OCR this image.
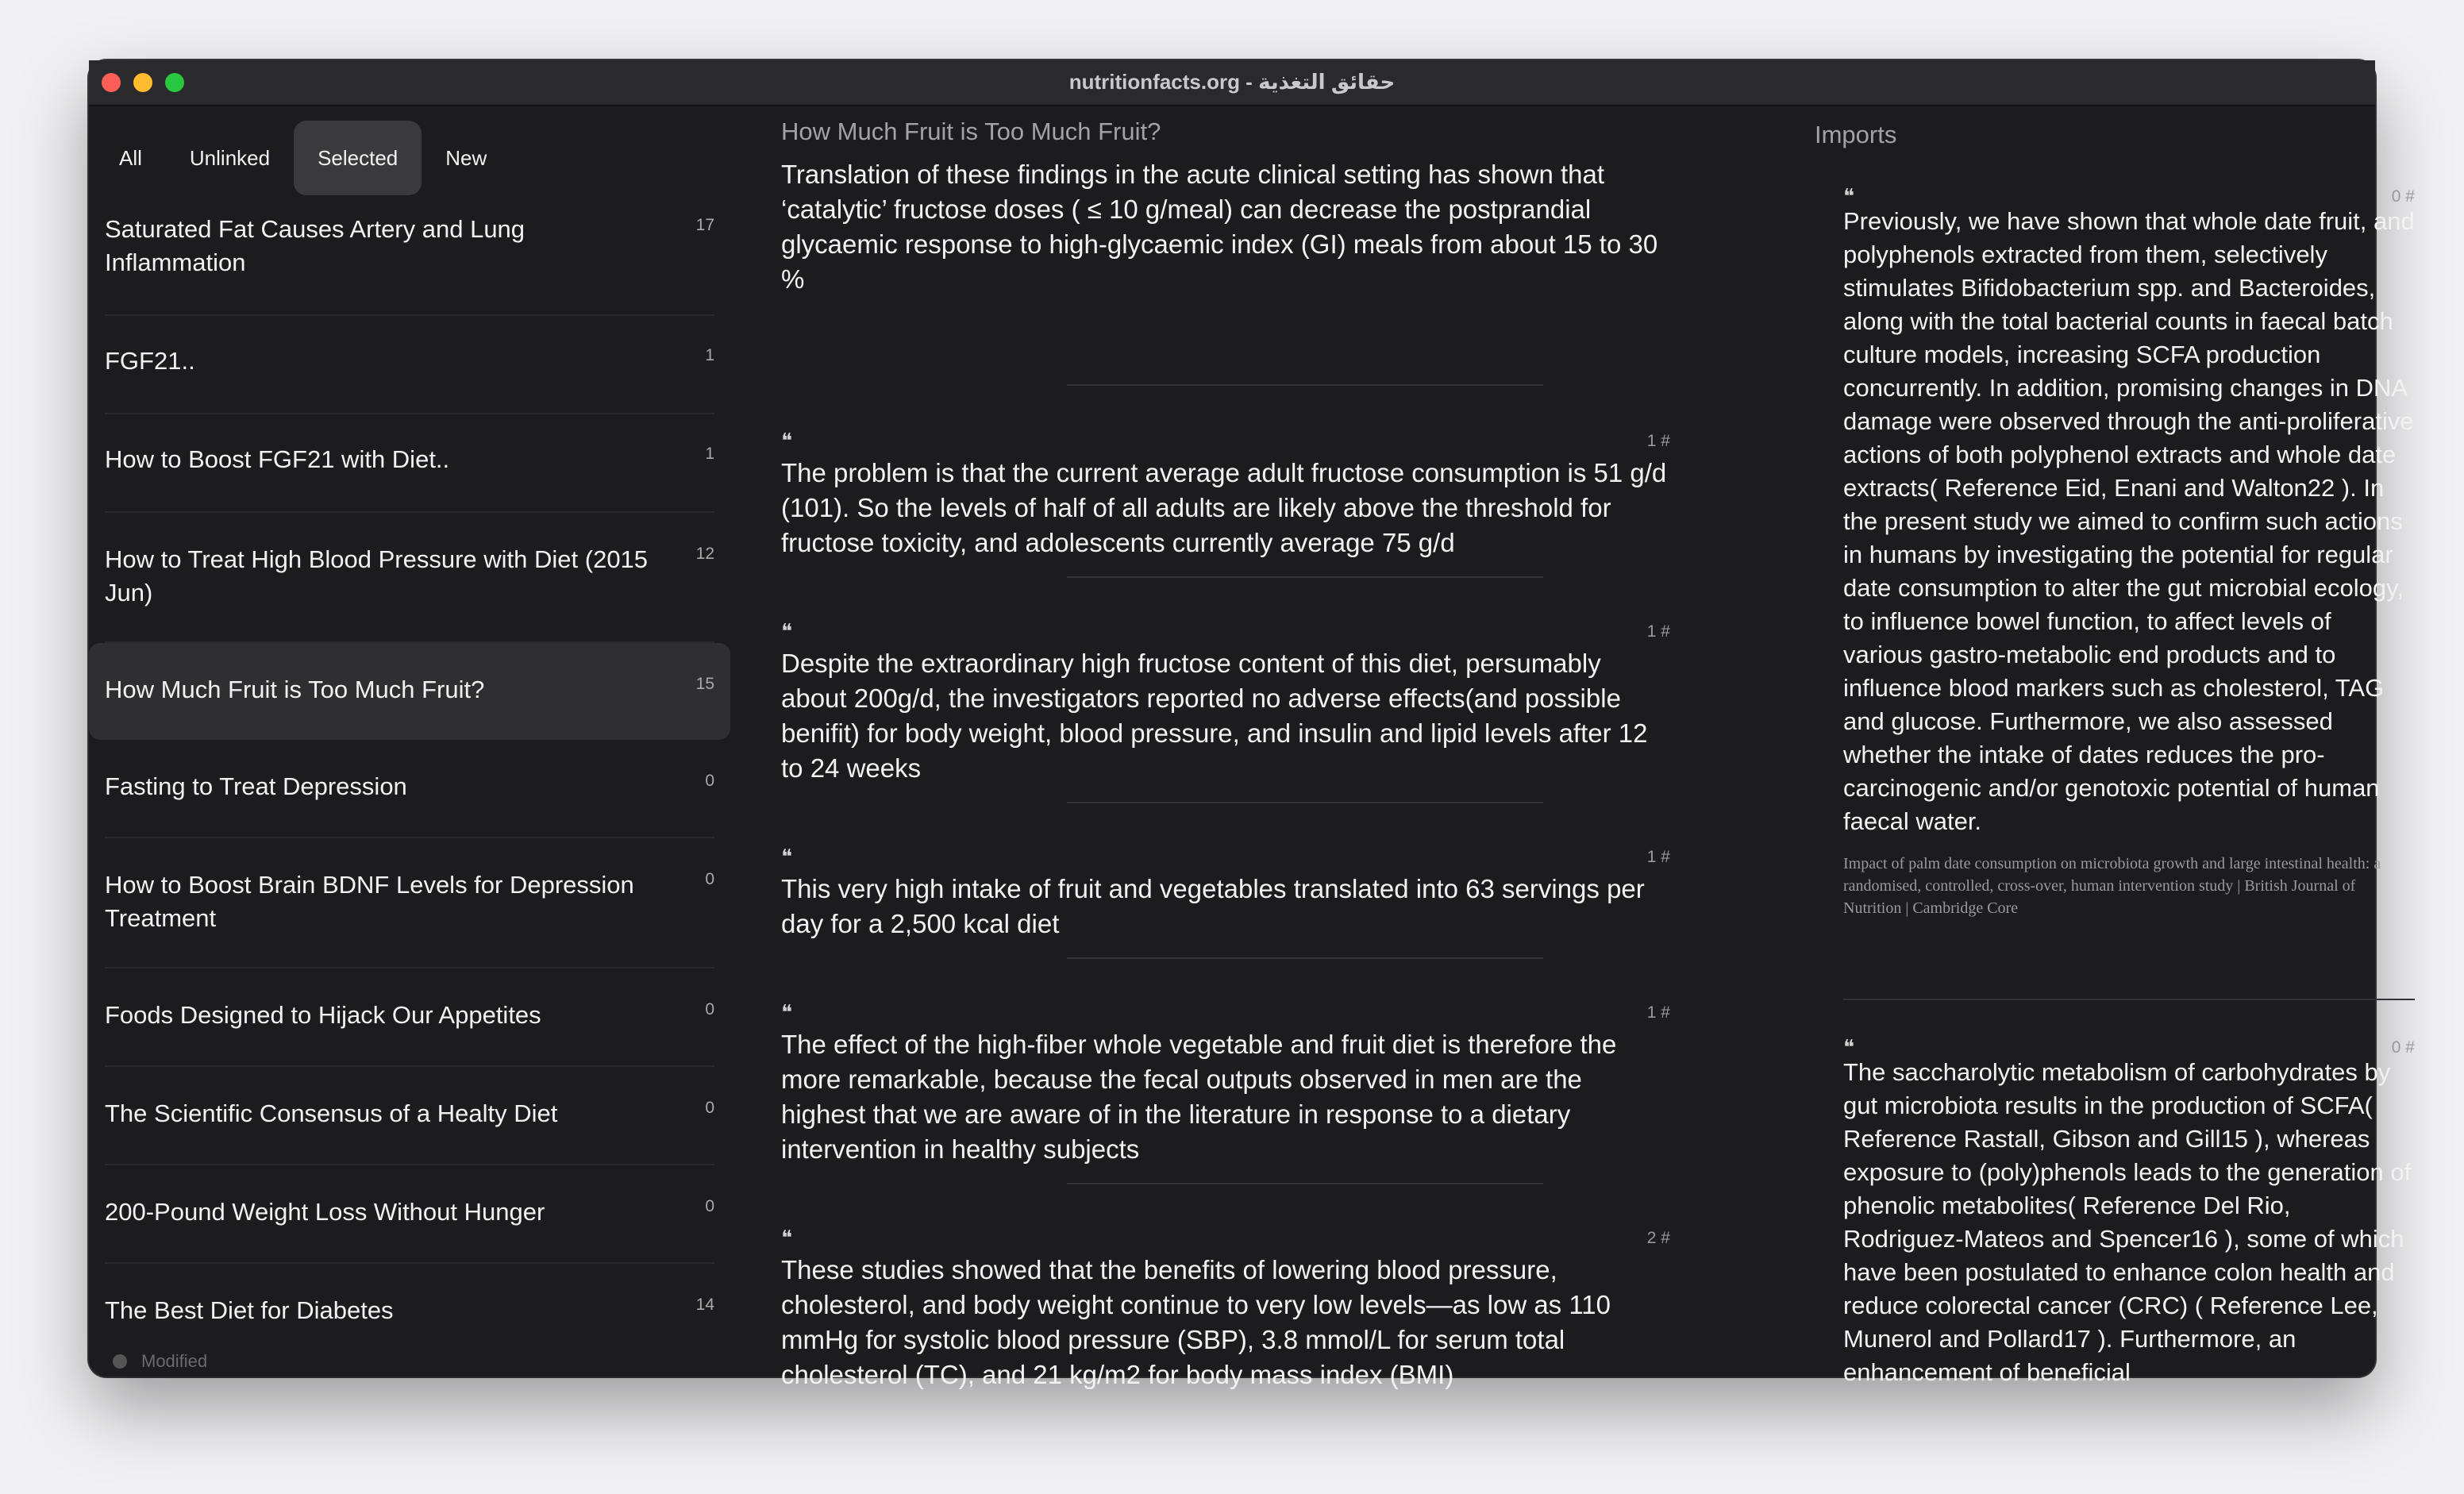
nutritionfacts.org - حقائق التغذية
All	Unlinked	Selected	New
Saturated Fat Causes Artery and Lung Inflammation
17
FGF21..	1
How to Boost FGF21 with Diet..	1
How to Treat High Blood Pressure with Diet (2015 Jun)
12
How Much Fruit is Too Much Fruit?	15
Fasting to Treat Depression	0
How to Boost Brain BDNF Levels for Depression Treatment
0
Foods Designed to Hijack Our Appetites	0
The Scientific Consensus of a Healty Diet	0
200-Pound Weight Loss Without Hunger	0
The Best Diet for Diabetes	14
Modified
How Much Fruit is Too Much Fruit?
Translation of these findings in the acute clinical setting has shown that ‘catalytic’ fructose doses ( ≤ 10 g/meal) can decrease the postprandial glycaemic response to high-glycaemic index (GI) meals from about 15 to 30 %
❝	1 #
The problem is that the current average adult fructose consumption is 51 g/d (101). So the levels of half of all adults are likely above the threshold for fructose toxicity, and adolescents currently average 75 g/d
❝	1 #
Despite the extraordinary high fructose content of this diet, persumably about 200g/d, the investigators reported no adverse effects(and possible benifit) for body weight, blood pressure, and insulin and lipid levels after 12 to 24 weeks
❝	1 #
This very high intake of fruit and vegetables translated into 63 servings per day for a 2,500 kcal diet
❝	1 #
The effect of the high-fiber whole vegetable and fruit diet is therefore the more remarkable, because the fecal outputs observed in men are the highest that we are aware of in the literature in response to a dietary intervention in healthy subjects
❝	2 #
These studies showed that the benefits of lowering blood pressure, cholesterol, and body weight continue to very low levels—as low as 110 mmHg for systolic blood pressure (SBP), 3.8 mmol/L for serum total cholesterol (TC), and 21 kg/m2 for body mass index (BMI)
Imports
❝	0 #
Previously, we have shown that whole date fruit, and polyphenols extracted from them, selectively stimulates Bifidobacterium spp. and Bacteroides, along with the total bacterial counts in faecal batch culture models, increasing SCFA production concurrently. In addition, promising changes in DNA damage were observed through the anti-proliferative actions of both polyphenol extracts and whole date extracts( Reference Eid, Enani and Walton22 ). In the present study we aimed to confirm such actions in humans by investigating the potential for regular date consumption to alter the gut microbial ecology, to influence bowel function, to affect levels of various gastro-metabolic end products and to influence blood markers such as cholesterol, TAG and glucose. Furthermore, we also assessed whether the intake of dates reduces the pro-carcinogenic and/or genotoxic potential of human faecal water.
Impact of palm date consumption on microbiota growth and large intestinal health: a randomised, controlled, cross-over, human intervention study | British Journal of Nutrition | Cambridge Core
❝	0 #
The saccharolytic metabolism of carbohydrates by gut microbiota results in the production of SCFA( Reference Rastall, Gibson and Gill15 ), whereas exposure to (poly)phenols leads to the generation of phenolic metabolites( Reference Del Rio, Rodriguez-Mateos and Spencer16 ), some of which have been postulated to enhance colon health and reduce colorectal cancer (CRC) ( Reference Lee, Munerol and Pollard17 ). Furthermore, an enhancement of beneficial
